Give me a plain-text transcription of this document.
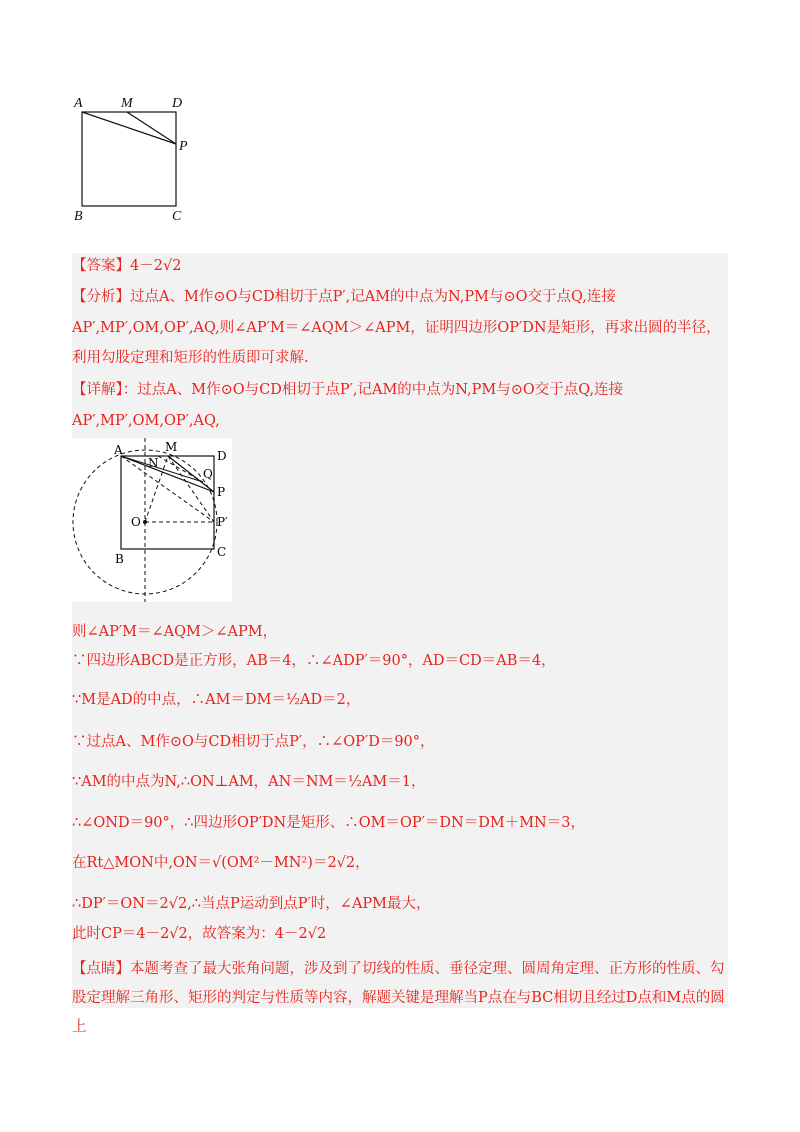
A	M	D
P
B	C
【答案】4－2√2
【分析】过点A、M作⊙O与CD相切于点P′,记AM的中点为N,PM与⊙O交于点Q,连接
AP′,MP′,OM,OP′,AQ,则∠AP′M＝∠AQM＞∠APM，证明四边形OP′DN是矩形，再求出圆的半径，利用勾股定理和矩形的性质即可求解.
【详解】：过点A、M作⊙O与CD相切于点P′,记AM的中点为N,PM与⊙O交于点Q,连接
AP′,MP′,OM,OP′,AQ,
A	M
D
N
Q
P
O	P′
B	C
则∠AP′M＝∠AQM＞∠APM，
∵四边形ABCD是正方形，AB＝4，∴∠ADP′＝90°，AD＝CD＝AB＝4，
∵M是AD的中点，∴AM＝DM＝½AD＝2，
∵过点A、M作⊙O与CD相切于点P′，∴∠OP′D＝90°，
∵AM的中点为N,∴ON⊥AM，AN＝NM＝½AM＝1，
∴∠OND＝90°，∴四边形OP′DN是矩形、∴OM＝OP′＝DN＝DM＋MN＝3，
在Rt△MON中,ON＝√(OM²－MN²)＝2√2，
∴DP′＝ON＝2√2,∴当点P运动到点P′时，∠APM最大，
此时CP＝4－2√2，故答案为：4－2√2
【点睛】本题考查了最大张角问题，涉及到了切线的性质、垂径定理、圆周角定理、正方形的性质、勾股定理解三角形、矩形的判定与性质等内容，解题关键是理解当P点在与BC相切且经过D点和M点的圆上
